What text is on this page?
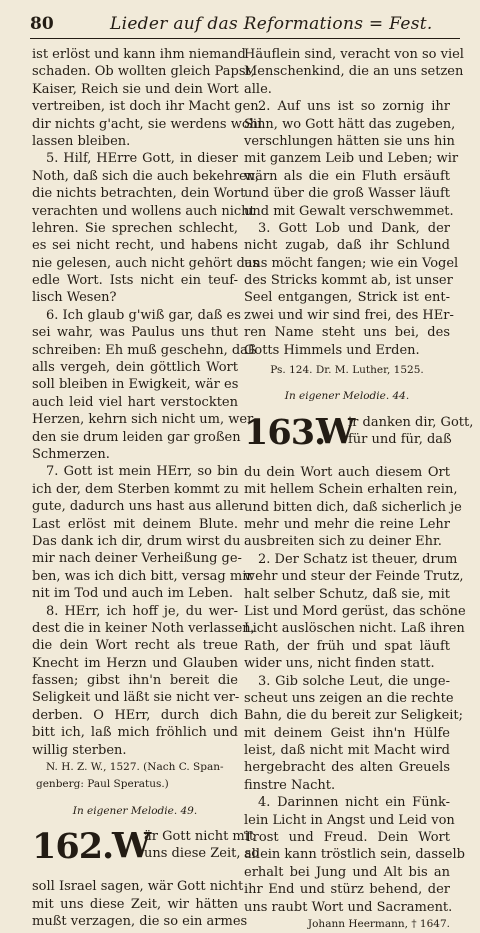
80	Lieder auf das Reformations = Fest.
ist erlöst und kann ihm niemand
schaden. Ob wollten gleich Papst,
Kaiser, Reich sie und dein Wort
vertreiben, ist doch ihr Macht gen
dir nichts g'acht, sie werdens wohl
lassen bleiben.
5. Hilf, HErre Gott, in dieser
Noth, daß sich die auch bekehren,
die nichts betrachten, dein Wort
verachten und wollens auch nicht
lehren. Sie sprechen schlecht,
es sei nicht recht, und habens
nie gelesen, auch nicht gehört das
edle Wort. Ists nicht ein teuf-
lisch Wesen?
6. Ich glaub g'wiß gar, daß es
sei wahr, was Paulus uns thut
schreiben: Eh muß geschehn, daß
alls vergeh, dein göttlich Wort
soll bleiben in Ewigkeit, wär es
auch leid viel hart verstockten
Herzen, kehrn sich nicht um, wer-
den sie drum leiden gar großen
Schmerzen.
7. Gott ist mein HErr, so bin
ich der, dem Sterben kommt zu
gute, dadurch uns hast aus aller
Last erlöst mit deinem Blute.
Das dank ich dir, drum wirst du
mir nach deiner Verheißung ge-
ben, was ich dich bitt, versag mir
nit im Tod und auch im Leben.
8. HErr, ich hoff je, du wer-
dest die in keiner Noth verlassen,
die dein Wort recht als treue
Knecht im Herzn und Glauben
fassen; gibst ihn'n bereit die
Seligkeit und läßt sie nicht ver-
derben. O HErr, durch dich
bitt ich, laß mich fröhlich und
willig sterben.
N. H. Z. W., 1527. (Nach C. Span-
genberg: Paul Speratus.)
In eigener Melodie. 49.
162.
W
är Gott nicht mit
uns diese Zeit, so
soll Israel sagen, wär Gott nicht
mit uns diese Zeit, wir hätten
mußt verzagen, die so ein armes
Häuflein sind, veracht von so viel
Menschenkind, die an uns setzen
alle.
2. Auf uns ist so zornig ihr
Sinn, wo Gott hätt das zugeben,
verschlungen hätten sie uns hin
mit ganzem Leib und Leben; wir
wärn als die ein Fluth ersäuft
und über die groß Wasser läuft
und mit Gewalt verschwemmet.
3. Gott Lob und Dank, der
nicht zugab, daß ihr Schlund
uns möcht fangen; wie ein Vogel
des Stricks kommt ab, ist unser
Seel entgangen, Strick ist ent-
zwei und wir sind frei, des HEr-
ren Name steht uns bei, des
Gotts Himmels und Erden.
Ps. 124. Dr. M. Luther, 1525.
In eigener Melodie. 44.
163.
W
ir danken dir, Gott,
für und für, daß
du dein Wort auch diesem Ort
mit hellem Schein erhalten rein,
und bitten dich, daß sicherlich je
mehr und mehr die reine Lehr
ausbreiten sich zu deiner Ehr.
2. Der Schatz ist theuer, drum
wehr und steur der Feinde Trutz,
halt selber Schutz, daß sie, mit
List und Mord gerüst, das schöne
Licht auslöschen nicht. Laß ihren
Rath, der früh und spat läuft
wider uns, nicht finden statt.
3. Gib solche Leut, die unge-
scheut uns zeigen an die rechte
Bahn, die du bereit zur Seligkeit;
mit deinem Geist ihn'n Hülfe
leist, daß nicht mit Macht wird
hergebracht des alten Greuels
finstre Nacht.
4. Darinnen nicht ein Fünk-
lein Licht in Angst und Leid von
Trost und Freud. Dein Wort
allein kann tröstlich sein, dasselb
erhalt bei Jung und Alt bis an
ihr End und stürz behend, der
uns raubt Wort und Sacrament.
Johann Heermann, † 1647.
